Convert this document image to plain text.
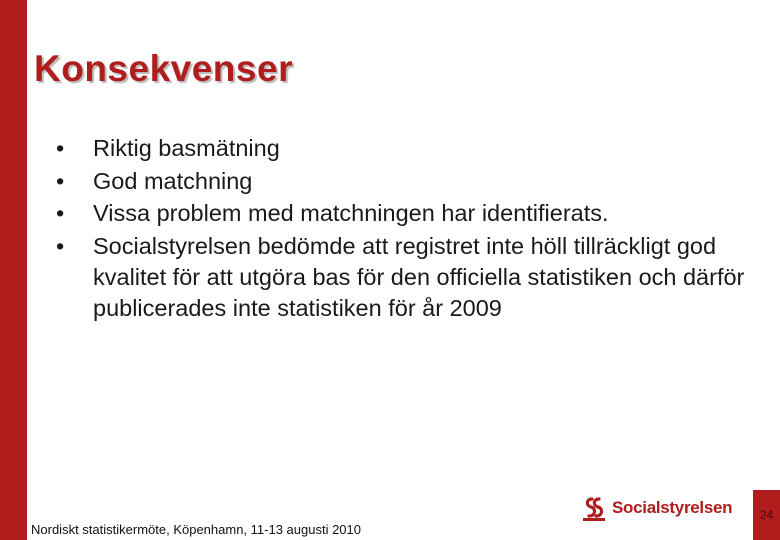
Konsekvenser
• Riktig basmätning
• God matchning
• Vissa problem med matchningen har identifierats.
• Socialstyrelsen bedömde att registret inte höll tillräckligt god kvalitet för att utgöra bas för den officiella statistiken och därför publicerades inte statistiken för år 2009
Nordiskt statistikermöte, Köpenhamn, 11-13 augusti 2010
Socialstyrelsen	24
